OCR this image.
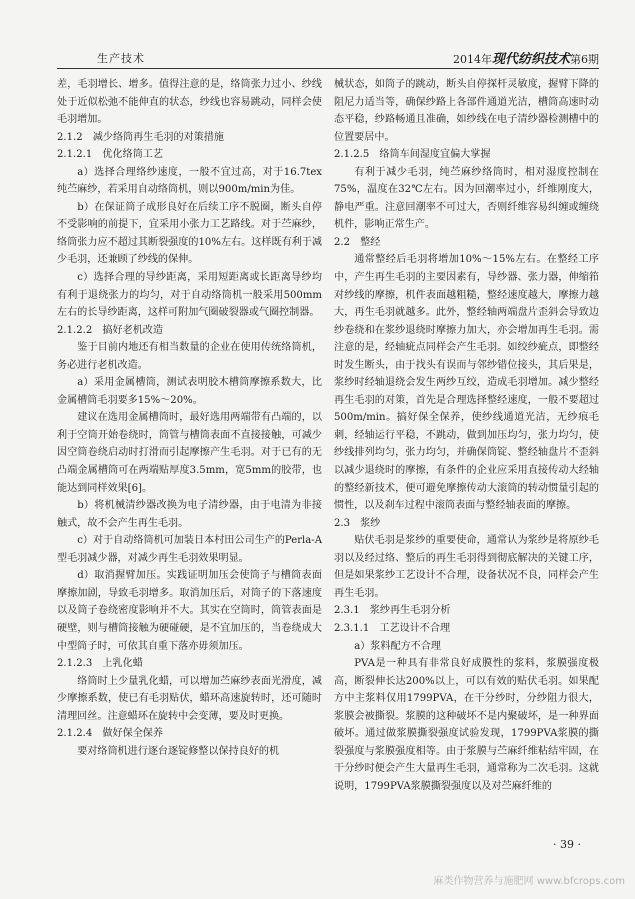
生产技术	2014年现代纺织技术第6期

差，毛羽增长、增多。值得注意的是，络筒张力过小、纱线处于近似松弛不能伸直的状态，纱线也容易跳动，同样会使毛羽增加。

2.1.2　减少络筒再生毛羽的对策措施

2.1.2.1　优化络筒工艺

a）选择合理络纱速度，一般不宜过高，对于16.7tex纯苎麻纱，若采用自动络筒机，则以900m/min为佳。

b）在保证筒子成形良好在后续工序不脱圈，断头自停不受影响的前提下，宜采用小张力工艺路线。对于苎麻纱，络筒张力应不超过其断裂强度的10%左右。这样既有利于减少毛羽，还兼顾了纱线的保伸。

c）选择合理的导纱距离，采用短距离或长距离导纱均有利于退绕张力的均匀，对于自动络筒机一般采用500mm左右的长导纱距离，这样可附加气圈破裂器或气圈控制器。

2.1.2.2　搞好老机改造

鉴于目前内地还有相当数量的企业在使用传统络筒机，务必进行老机改造。

a）采用金属槽筒，测试表明胶木槽筒摩擦系数大，比金属槽筒毛羽要多15%～20%。

建议在选用金属槽筒时，最好选用两端带有凸端的，以利于空筒开始卷绕时，筒管与槽筒表面不直接接触，可减少因空筒卷绕启动时打滑而引起摩擦产生毛羽。对于已有的无凸端金属槽筒可在两端贴厚度3.5mm，宽5mm的胶带，也能达到同样效果[6]。

b）将机械清纱器改换为电子清纱器，由于电清为非接触式，故不会产生再生毛羽。

c）对于自动络筒机可加装日本村田公司生产的Perla-A型毛羽减少器，对减少再生毛羽效果明显。

d）取消握臂加压。实践证明加压会使筒子与槽筒表面摩擦加剧，导致毛羽增多。取消加压后，对筒子的下落速度以及筒子卷绕密度影响并不大。其实在空筒时，筒管表面是硬壁，则与槽筒接触为硬碰硬，是不宜加压的，当卷绕成大中型筒子时，可依其自重下落亦毋须加压。

2.1.2.3　上乳化蜡

络筒时上少量乳化蜡，可以增加苎麻纱表面光滑度，减少摩擦系数，使已有毛羽贴伏，蜡环高速旋转时，还可随时清理回丝。注意蜡环在旋转中会变薄，要及时更换。

2.1.2.4　做好保全保养

要对络筒机进行逐台逐锭修整以保持良好的机

械状态，如筒子的跳动，断头自停探杆灵敏度，握臂下降的阻尼力适当等，确保纱路上各部件通道光洁，槽筒高速时动态平稳，纱路畅通且准确，如纱线在电子清纱器检测槽中的位置要居中。

2.1.2.5　络筒车间湿度宜偏大掌握

有利于减少毛羽，纯苎麻纱络筒时，相对湿度控制在75%，温度在32℃左右。因为回潮率过小，纤维刚度大，静电严重。注意回潮率不可过大，否则纤维容易纠缠或缠绕机件，影响正常生产。

2.2　整经

通常整经后毛羽将增加10%～15%左右。在整经工序中，产生再生毛羽的主要因素有，导纱器、张力器，伸缩筘对纱线的摩擦，机件表面越粗糙，整经速度越大，摩擦力越大，再生毛羽就越多。此外，整经轴两端盘片歪斜会导致边纱卷绕和在浆纱退绕时摩擦力加大，亦会增加再生毛羽。需注意的是，经轴疵点同样会产生毛羽。如绞纱疵点，即整经时发生断头，由于找头有误而与邻纱错位接头，其后果是，浆纱时经轴退绕会发生两纱互绞，造成毛羽增加。减少整经再生毛羽的对策，首先是合理选择整经速度，一般不要超过500m/min。搞好保全保养，使纱线通道光洁，无纱痕毛刺，经轴运行平稳，不跳动，做到加压均匀，张力均匀，使纱线排列均匀，张力均匀，并确保筒锭、整经轴盘片不歪斜以减少退绕时的摩擦，有条件的企业应采用直接传动大经轴的整经新技术，便可避免摩擦传动大滚筒的转动惯量引起的惯性，以及刹车过程中滚筒表面与整经轴表面的摩擦。

2.3　浆纱

贴伏毛羽是浆纱的重要使命，通常认为浆纱是将原纱毛羽以及经过络、整后的再生毛羽得到彻底解决的关键工序，但是如果浆纱工艺设计不合理，设备状况不良，同样会产生再生毛羽。

2.3.1　浆纱再生毛羽分析

2.3.1.1　工艺设计不合理

a）浆料配方不合理

PVA是一种具有非常良好成膜性的浆料，浆膜强度极高，断裂伸长达200%以上，可以有效的贴伏毛羽。如果配方中主浆料仅用1799PVA，在干分纱时，分纱阻力很大，浆膜会被撕裂。浆膜的这种破坏不是内聚破坏，是一种界面破坏。通过做浆膜撕裂强度试验发现，1799PVA浆膜的撕裂强度与浆膜强度相等。由于浆膜与苎麻纤维粘结牢固，在干分纱时便会产生大量再生毛羽，通常称为二次毛羽。这就说明，1799PVA浆膜撕裂强度以及对苎麻纤维的

· 39 ·
麻类作物营养与施肥网 www.bfcrops.com
